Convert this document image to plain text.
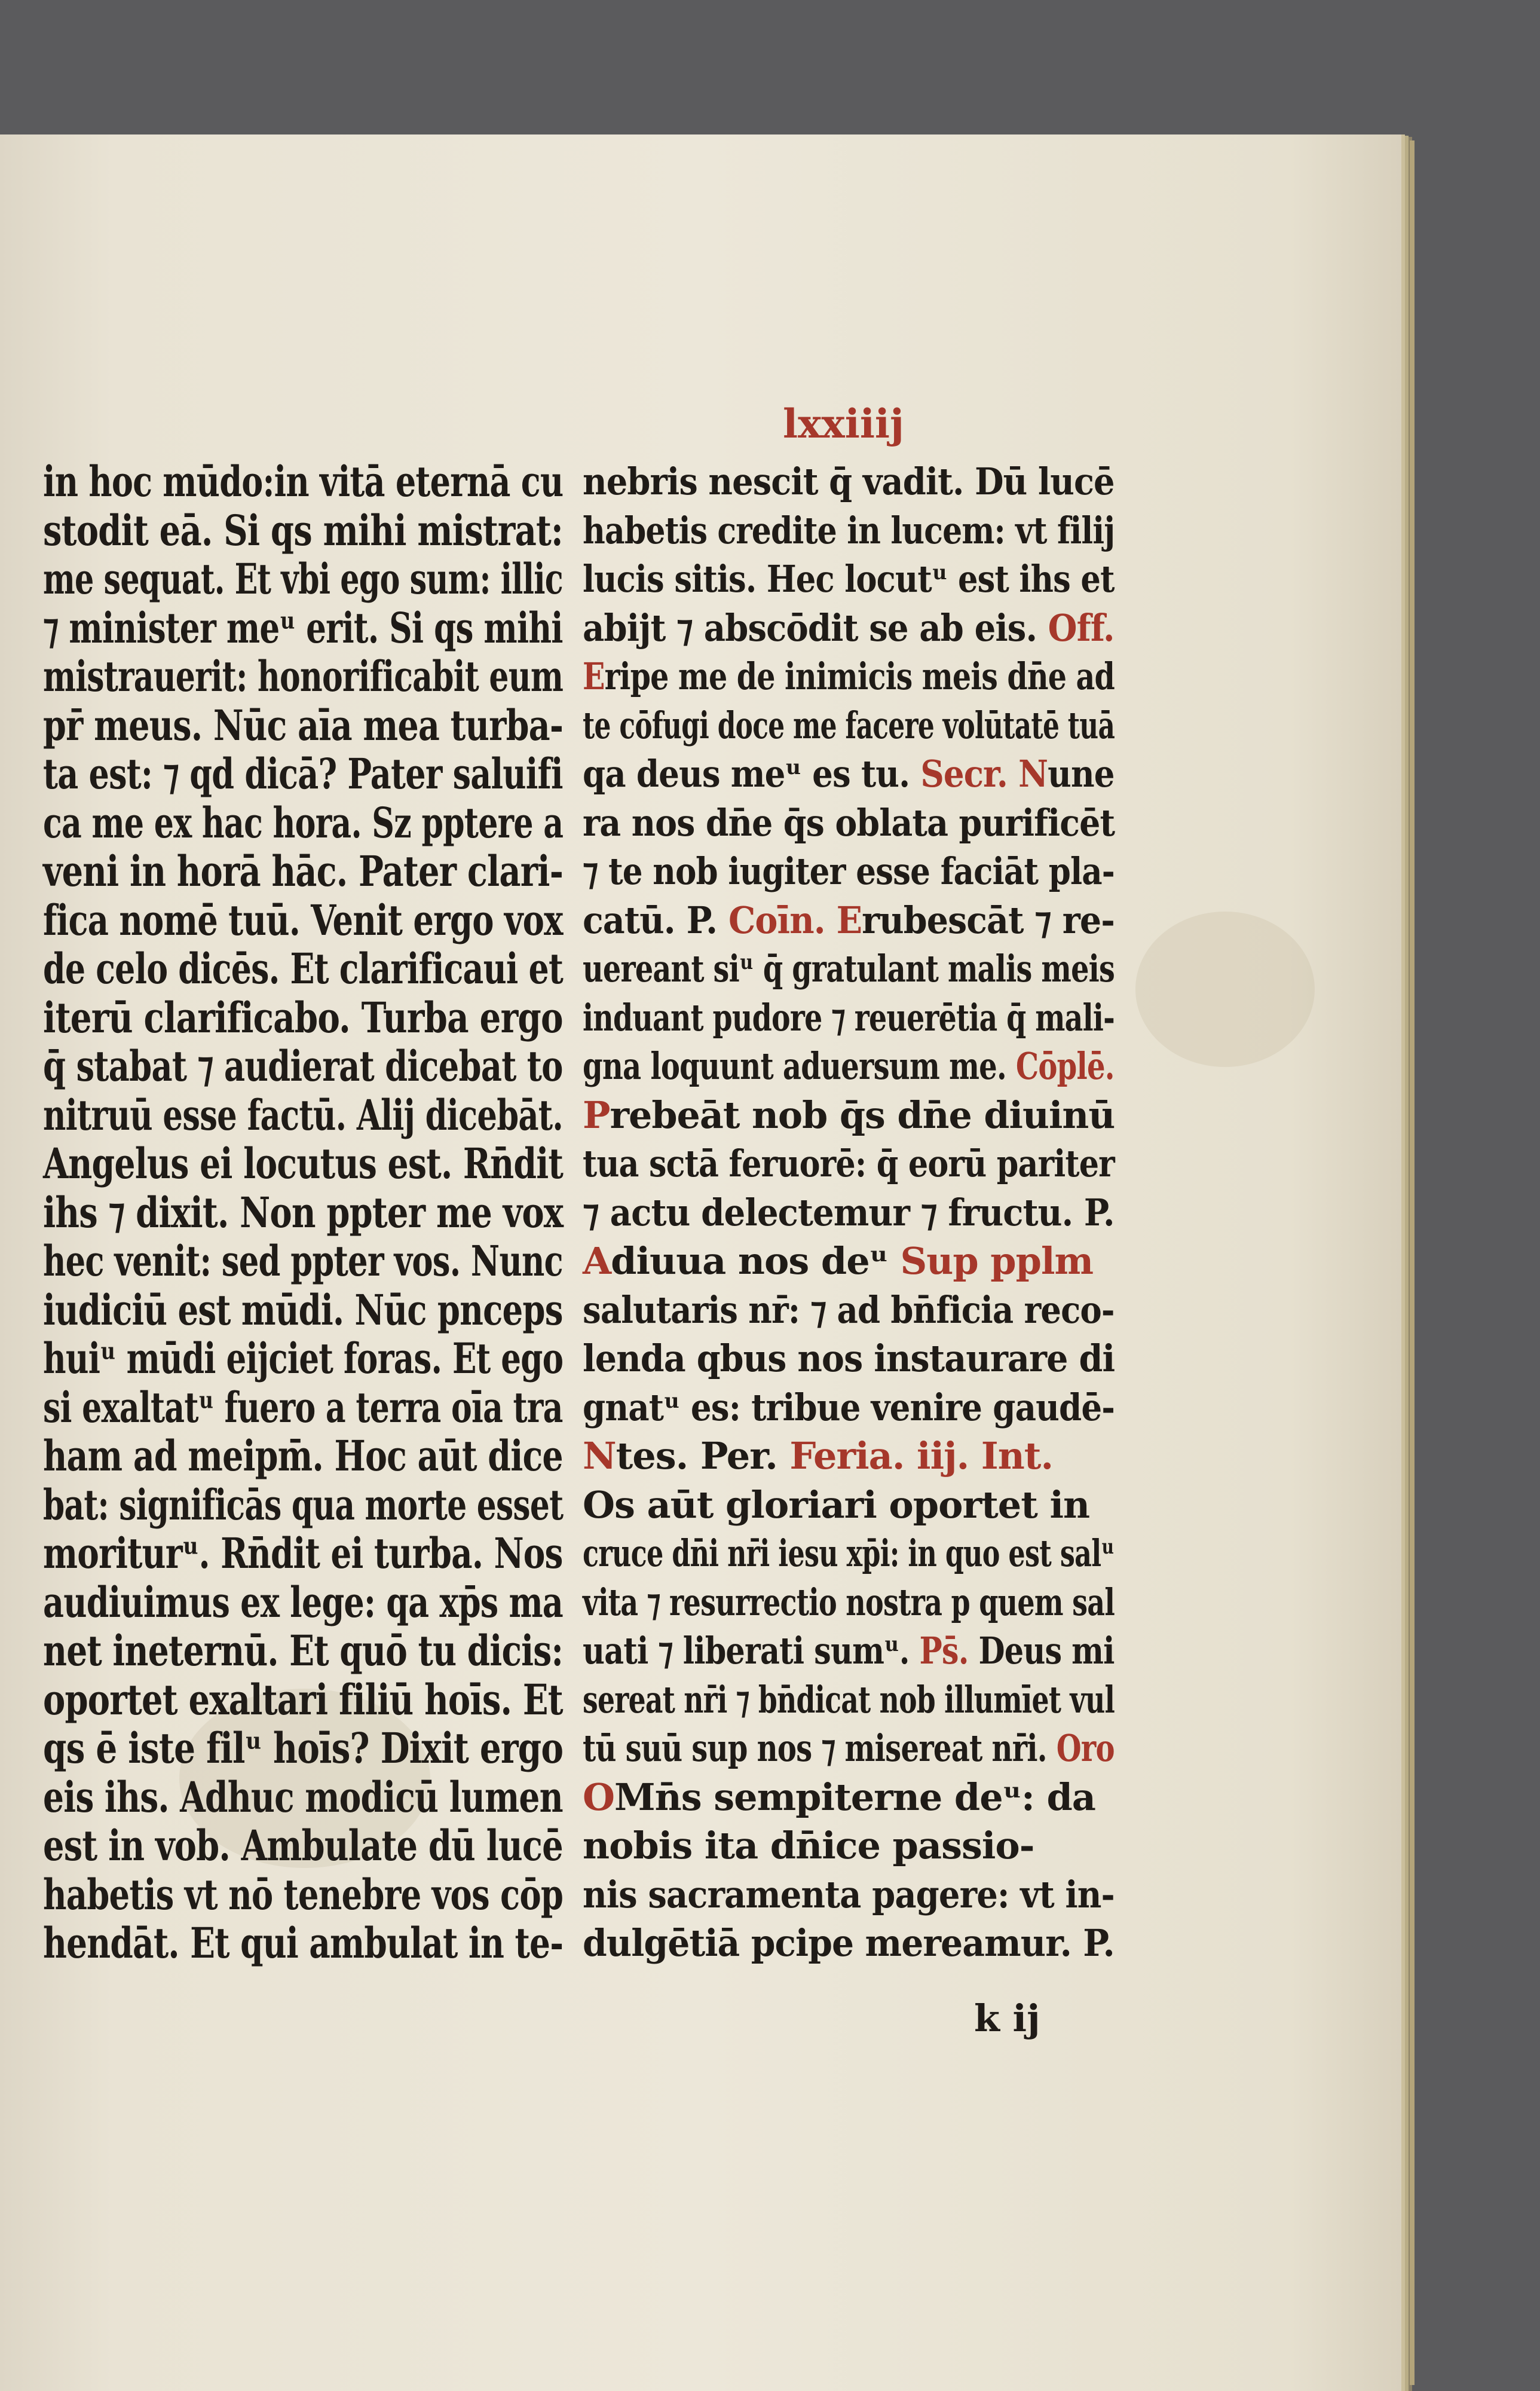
lxxiiij
in hoc mūdo:in vitā eternā cu
stodit eā. Si qs mihi mistrat:
me sequat. Et vbi ego sum: illic
⁊ minister meᵘ erit. Si qs mihi
mistrauerit: honorificabit eum
pr̄ meus. Nūc aīa mea turba-
ta est: ⁊ qd dicā? Pater saluifi
ca me ex hac hora. Sz pptere a
veni in horā hāc. Pater clari-
fica nomē tuū. Venit ergo vox
de celo dicēs. Et clarificaui et
iterū clarificabo. Turba ergo
q̄ stabat ⁊ audierat dicebat to
nitruū esse factū. Alij dicebāt.
Angelus ei locutus est. Rn̄dit
ihs ⁊ dixit. Non ppter me vox
hec venit: sed ppter vos. Nunc
iudiciū est mūdi. Nūc pnceps
huiᵘ mūdi eijciet foras. Et ego
si exaltatᵘ fuero a terra oīa tra
ham ad meipm̄. Hoc aūt dice
bat: significās qua morte esset
moriturᵘ. Rn̄dit ei turba. Nos
audiuimus ex lege: qa xp̄s ma
net ineternū. Et quō tu dicis:
oportet exaltari filiū hoīs. Et
qs ē iste filᵘ hoīs? Dixit ergo
eis ihs. Adhuc modicū lumen
est in vob. Ambulate dū lucē
habetis vt nō tenebre vos cōp
hendāt. Et qui ambulat in te-
nebris nescit q̄ vadit. Dū lucē
habetis credite in lucem: vt filij
lucis sitis. Hec locutᵘ est ihs et
abijt ⁊ abscōdit se ab eis. Off.
Eripe me de inimicis meis dn̄e ad
te cōfugi doce me facere volūtatē tuā
qa deus meᵘ es tu. Secr. Nune
ra nos dn̄e q̄s oblata purificēt
⁊ te nob iugiter esse faciāt pla-
catū. P. Coīn. Erubescāt ⁊ re-
uereant siᵘ q̄ gratulant malis meis
induant pudore ⁊ reuerētia q̄ mali-
gna loquunt aduersum me. Cōplē.
Prebeāt nob q̄s dn̄e diuinū
tua sctā feruorē: q̄ eorū pariter
⁊ actu delectemur ⁊ fructu. P.
Adiuua nos deᵘ Sup pplm
salutaris nr̄: ⁊ ad bn̄ficia reco-
lenda qbus nos instaurare di
gnatᵘ es: tribue venire gaudē-
Ntes. Per. Feria. iij. Int.
Os aūt gloriari oportet in
cruce dn̄i nr̄i iesu xp̄i: in quo est salᵘ
vita ⁊ resurrectio nostra p quem sal
uati ⁊ liberati sumᵘ. Ps̄. Deus mi
sereat nr̄i ⁊ bn̄dicat nob illumīet vul
tū suū sup nos ⁊ misereat nr̄i. Oro
OMn̄s sempiterne deᵘ: da
nobis ita dn̄ice passio-
nis sacramenta pagere: vt in-
dulgētiā pcipe mereamur. P.
k ij
